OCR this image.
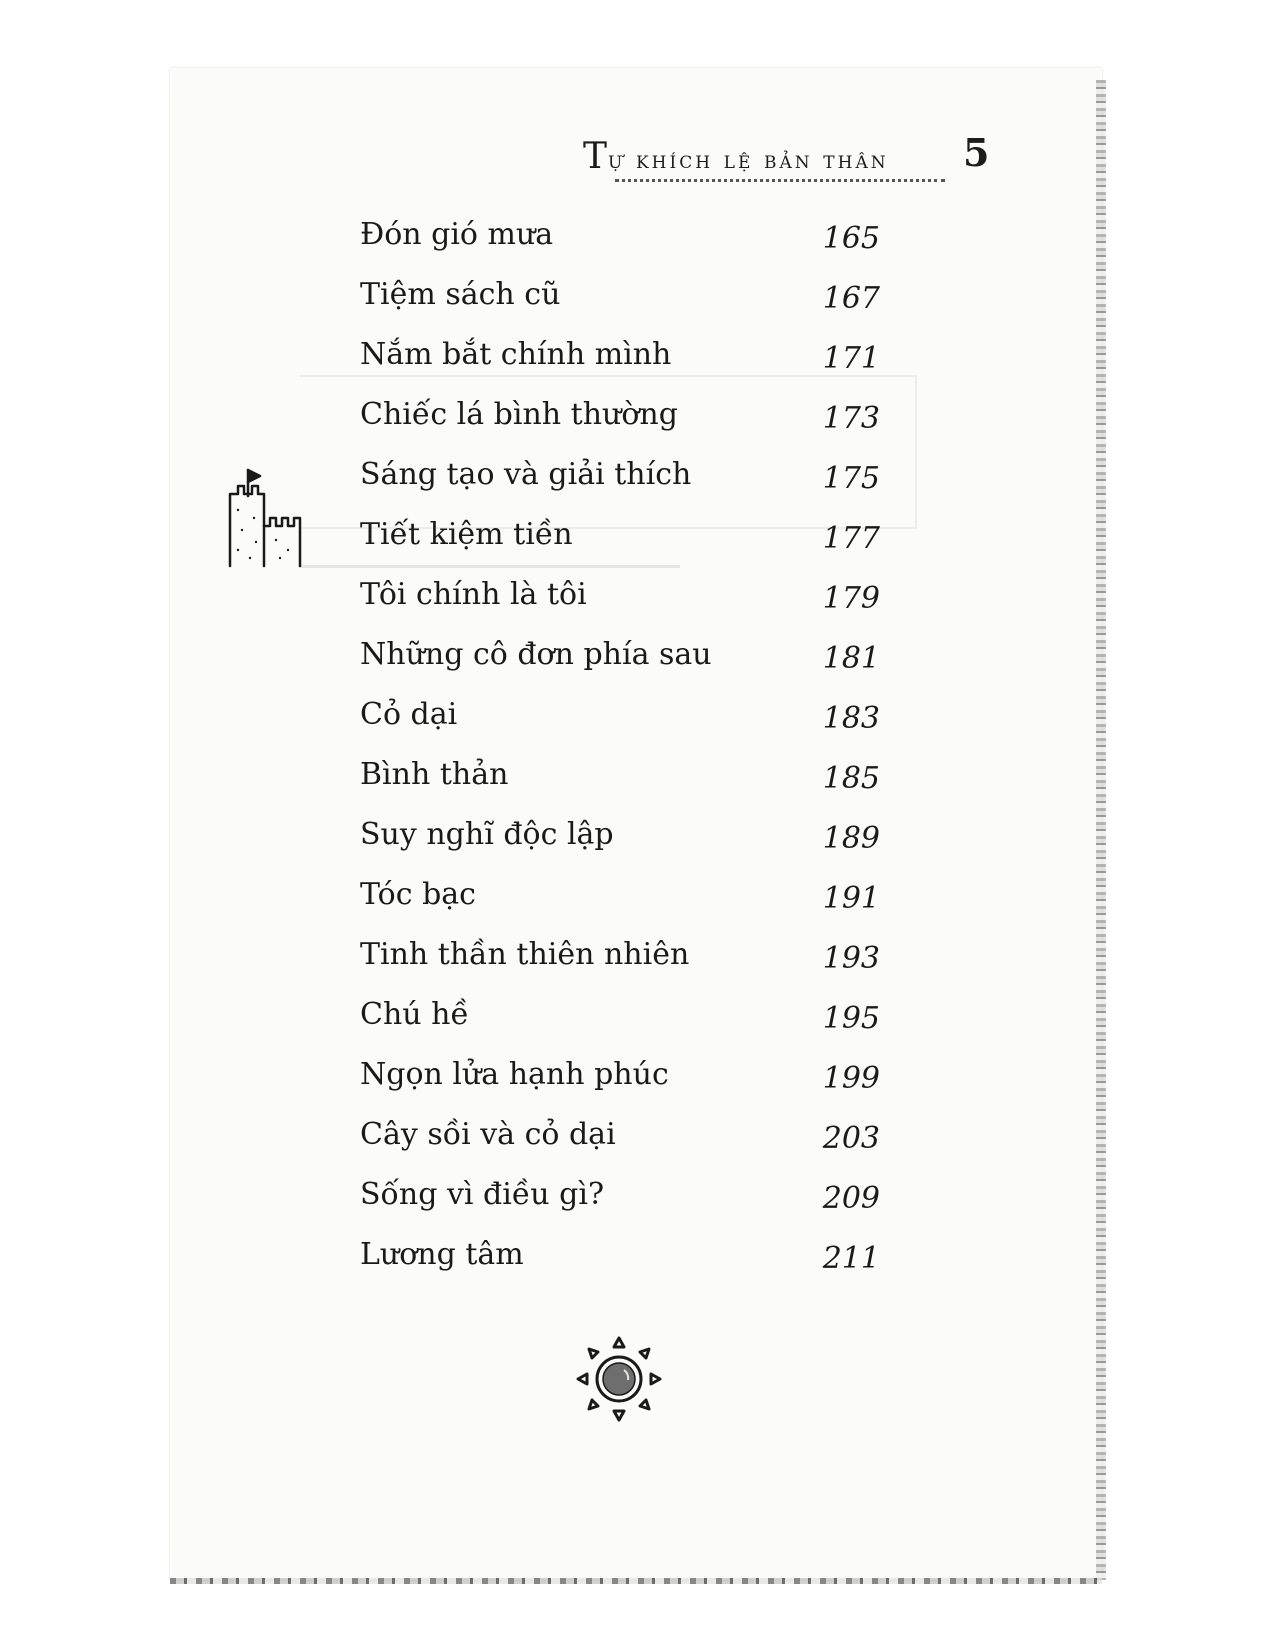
Tự khích lệ bản thân 5
Đón gió mưa	165
Tiệm sách cũ	167
Nắm bắt chính mình	171
Chiếc lá bình thường	173
Sáng tạo và giải thích	175
Tiết kiệm tiền	177
Tôi chính là tôi	179
Những cô đơn phía sau	181
Cỏ dại	183
Bình thản	185
Suy nghĩ độc lập	189
Tóc bạc	191
Tinh thần thiên nhiên	193
Chú hề	195
Ngọn lửa hạnh phúc	199
Cây sồi và cỏ dại	203
Sống vì điều gì?	209
Lương tâm	211
